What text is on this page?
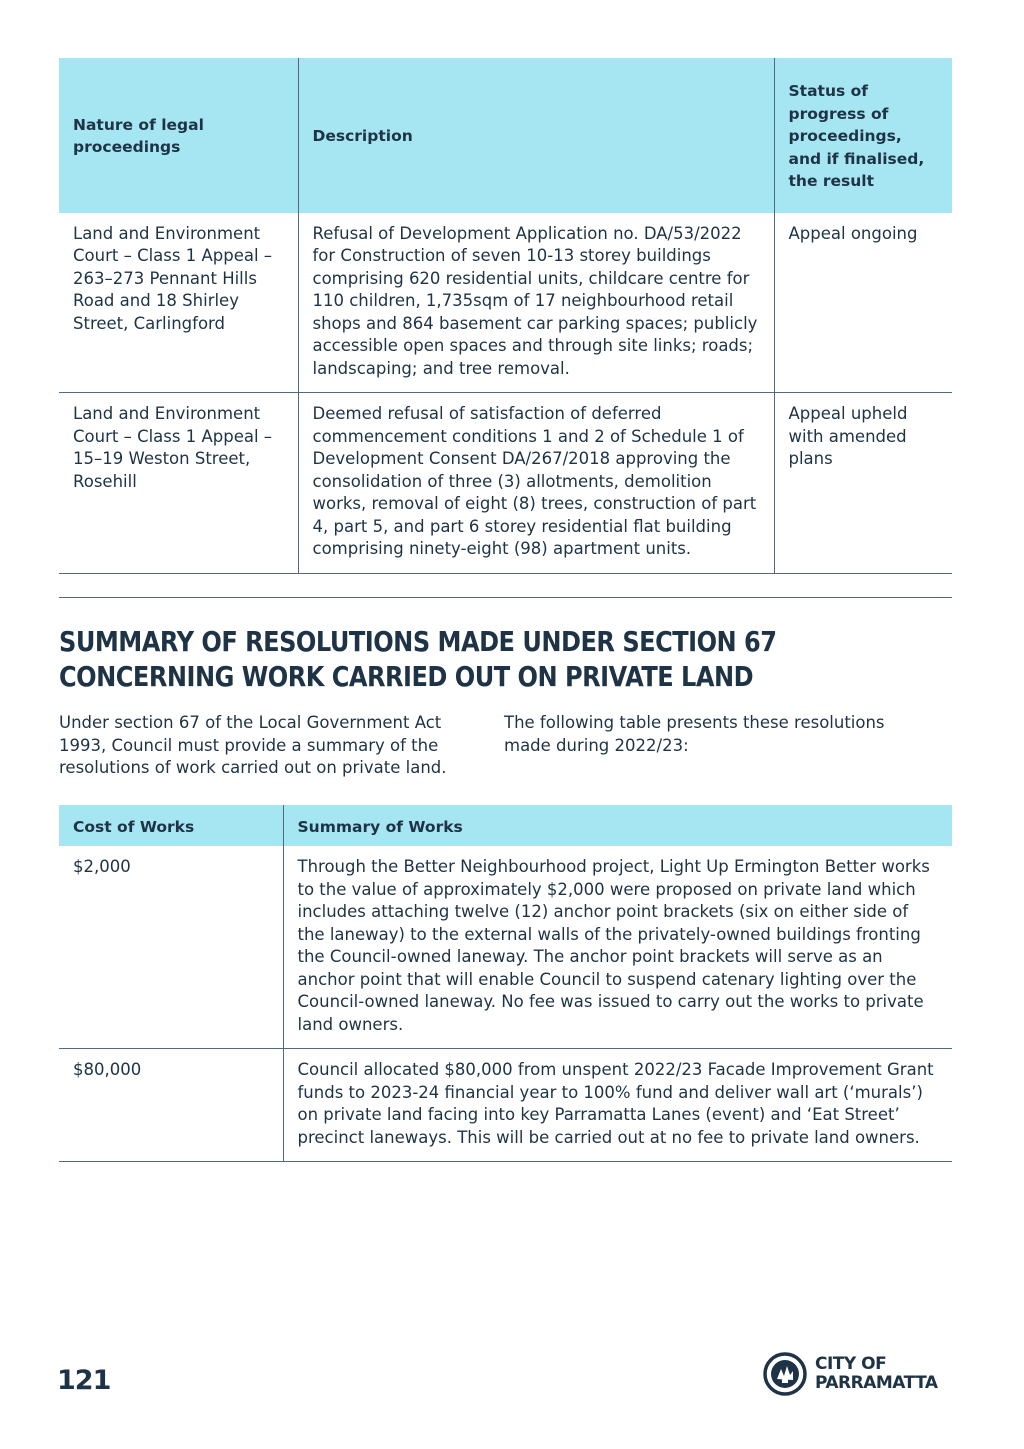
Nature of legal proceedings	Description	Status of progress of proceedings, and if finalised, the result
Land and Environment Court – Class 1 Appeal – 263–273 Pennant Hills Road and 18 Shirley Street, Carlingford	Refusal of Development Application no. DA/53/2022 for Construction of seven 10-13 storey buildings comprising 620 residential units, childcare centre for 110 children, 1,735sqm of 17 neighbourhood retail shops and 864 basement car parking spaces; publicly accessible open spaces and through site links; roads; landscaping; and tree removal.	Appeal ongoing
Land and Environment Court – Class 1 Appeal – 15–19 Weston Street, Rosehill	Deemed refusal of satisfaction of deferred commencement conditions 1 and 2 of Schedule 1 of Development Consent DA/267/2018 approving the consolidation of three (3) allotments, demolition works, removal of eight (8) trees, construction of part 4, part 5, and part 6 storey residential flat building comprising ninety-eight (98) apartment units.	Appeal upheld with amended plans
SUMMARY OF RESOLUTIONS MADE UNDER SECTION 67 CONCERNING WORK CARRIED OUT ON PRIVATE LAND

Under section 67 of the Local Government Act 1993, Council must provide a summary of the resolutions of work carried out on private land.

The following table presents these resolutions made during 2022/23:

Cost of Works	Summary of Works
$2,000	Through the Better Neighbourhood project, Light Up Ermington Better works to the value of approximately $2,000 were proposed on private land which includes attaching twelve (12) anchor point brackets (six on either side of the laneway) to the external walls of the privately-owned buildings fronting the Council-owned laneway. The anchor point brackets will serve as an anchor point that will enable Council to suspend catenary lighting over the Council-owned laneway. No fee was issued to carry out the works to private land owners.
$80,000	Council allocated $80,000 from unspent 2022/23 Facade Improvement Grant funds to 2023-24 financial year to 100% fund and deliver wall art (‘murals’) on private land facing into key Parramatta Lanes (event) and ‘Eat Street’ precinct laneways. This will be carried out at no fee to private land owners.
121
CITY OF
PARRAMATTA
